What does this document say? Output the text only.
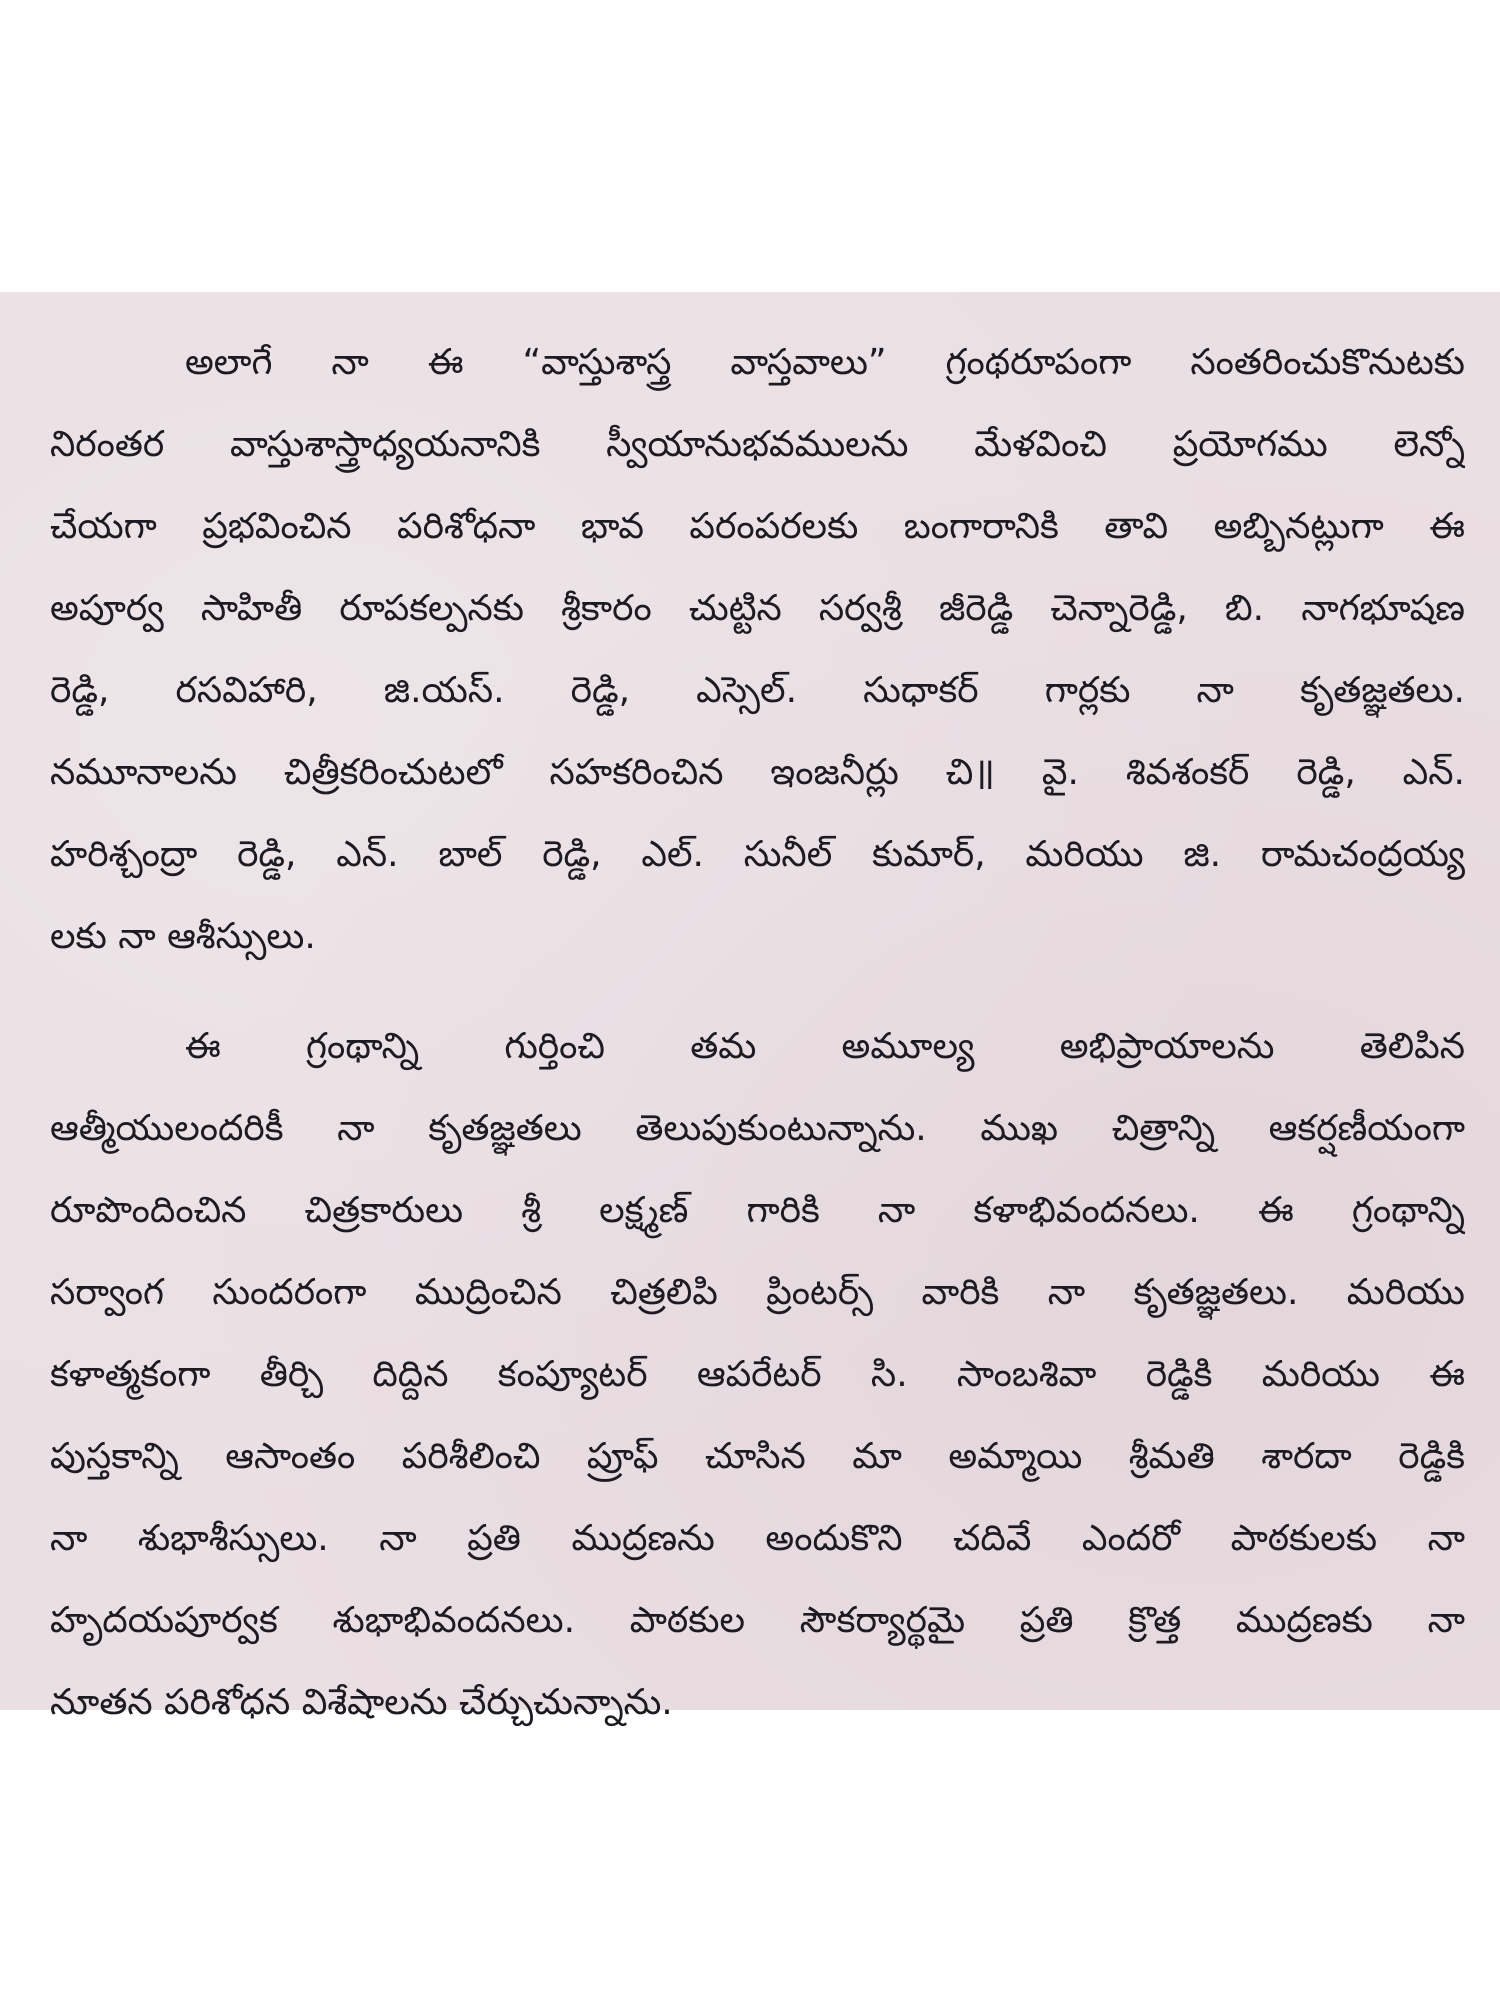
అలాగే నా ఈ “వాస్తుశాస్త్ర వాస్తవాలు” గ్రంథరూపంగా సంతరించుకొనుటకు
నిరంతర వాస్తుశాస్త్రాధ్యయనానికి స్వీయానుభవములను మేళవించి ప్రయోగము లెన్నో
చేయగా ప్రభవించిన పరిశోధనా భావ పరంపరలకు బంగారానికి తావి అబ్బినట్లుగా ఈ
అపూర్వ సాహితీ రూపకల్పనకు శ్రీకారం చుట్టిన సర్వశ్రీ జీరెడ్డి చెన్నారెడ్డి, బి. నాగభూషణ
రెడ్డి, రసవిహారి, జి.యస్. రెడ్డి, ఎస్సెల్. సుధాకర్ గార్లకు నా కృతజ్ఞతలు.
నమూనాలను చిత్రీకరించుటలో సహకరించిన ఇంజనీర్లు చి॥ వై. శివశంకర్ రెడ్డి, ఎన్.
హరిశ్చంద్రా రెడ్డి, ఎన్. బాల్ రెడ్డి, ఎల్. సునీల్ కుమార్, మరియు జి. రామచంద్రయ్య
లకు నా ఆశీస్సులు.

ఈ గ్రంథాన్ని గుర్తించి తమ అమూల్య అభిప్రాయాలను తెలిపిన
ఆత్మీయులందరికీ నా కృతజ్ఞతలు తెలుపుకుంటున్నాను. ముఖ చిత్రాన్ని ఆకర్షణీయంగా
రూపొందించిన చిత్రకారులు శ్రీ లక్ష్మణ్ గారికి నా కళాభివందనలు. ఈ గ్రంథాన్ని
సర్వాంగ సుందరంగా ముద్రించిన చిత్రలిపి ప్రింటర్స్ వారికి నా కృతజ్ఞతలు. మరియు
కళాత్మకంగా తీర్చి దిద్దిన కంప్యూటర్ ఆపరేటర్ సి. సాంబశివా రెడ్డికి మరియు ఈ
పుస్తకాన్ని ఆసాంతం పరిశీలించి ప్రూఫ్ చూసిన మా అమ్మాయి శ్రీమతి శారదా రెడ్డికి
నా శుభాశీస్సులు. నా ప్రతి ముద్రణను అందుకొని చదివే ఎందరో పాఠకులకు నా
హృదయపూర్వక శుభాభివందనలు. పాఠకుల సౌకర్యార్థమై ప్రతి క్రొత్త ముద్రణకు నా
నూతన పరిశోధన విశేషాలను చేర్చుచున్నాను.
